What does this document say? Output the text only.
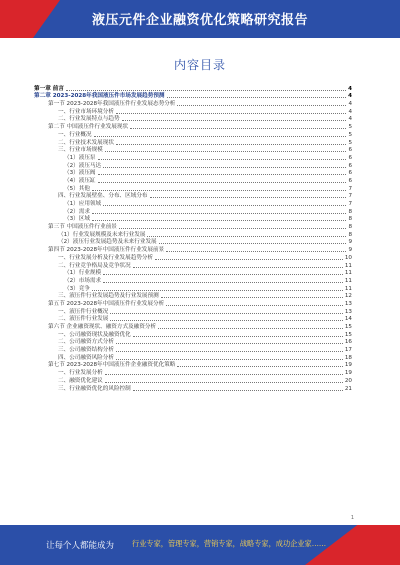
液压元件企业融资优化策略研究报告
内容目录
第一章 前言	4
第二章 2023-2028年我国液压件市场发展趋势预测	4
第一节 2023-2028年我国液压件行业发展态势分析	4
一、行业市场环境分析	4
二、行业发展特点与趋势	4
第二节 中国液压件行业发展现状	5
一、行业概况	5
二、行业技术发展现状	5
三、行业市场规模	6
（1）液压泵	6
（2）液压马达	6
（3）液压阀	6
（4）液压缸	6
（5）其他	7
四、行业发展壁垒、分布、区域分布	7
（1）应用领域	7
（2）需求	8
（3）区域	8
第三节 中国液压件行业前景	8
（1）行业发展规模及未来行业发展	8
（2）液压行业发展趋势及未来行业发展	9
第四节 2023-2028年中国液压件行业发展前景	9
一、行业发展分析及行业发展趋势分析	10
二、行业竞争格局及竞争状况	11
（1）行业规模	11
（2）市场需求	11
（3）竞争	11
三、液压件行业发展趋势及行业发展预测	12
第五节 2023-2028年中国液压件行业发展分析	13
一、液压件行业概况	13
二、液压件行业发展	14
第六节 企业融资现状、融资方式及融资分析	15
一、公司融资现状及融资优化	15
二、公司融资方式分析	16
三、公司融资结构分析	17
四、公司融资风险分析	18
第七节 2023-2028年中国液压件企业融资优化策略	19
一、行业发展分析	19
二、融资优化建议	20
三、行业融资优化的风险控制	21
1
让每个人都能成为 行业专家，管理专家，营销专家，战略专家，成功企业家……
